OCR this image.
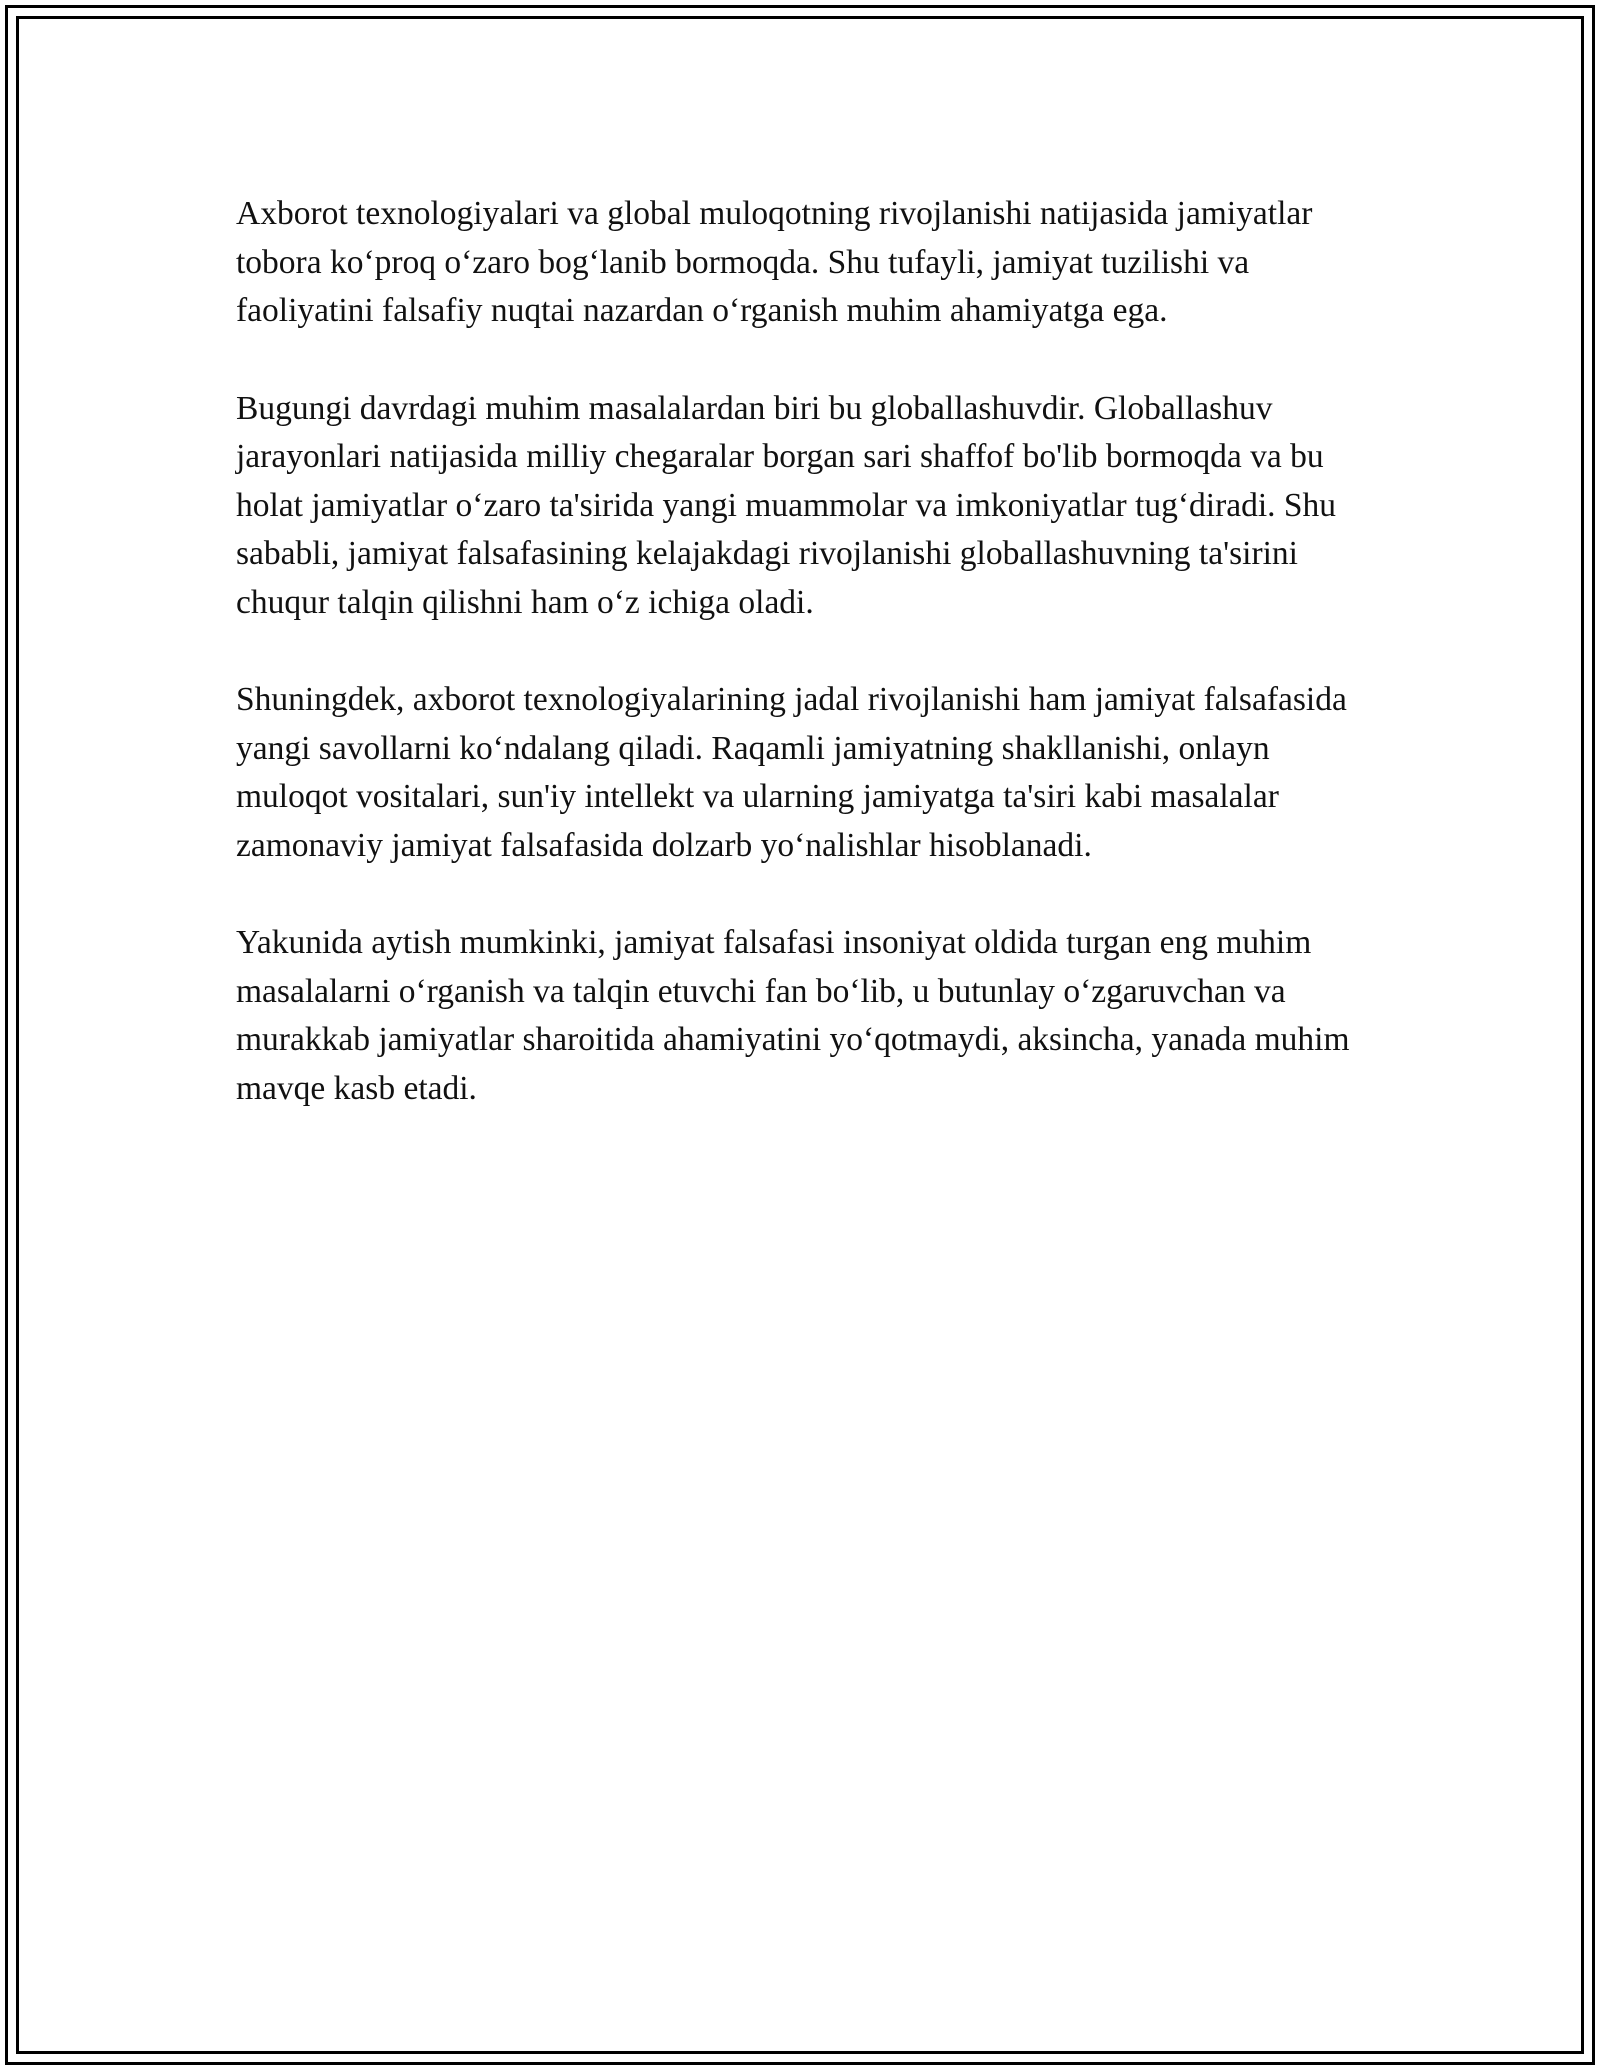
Axborot texnologiyalari va global muloqotning rivojlanishi natijasida jamiyatlar tobora ko‘proq o‘zaro bog‘lanib bormoqda. Shu tufayli, jamiyat tuzilishi va faoliyatini falsafiy nuqtai nazardan o‘rganish muhim ahamiyatga ega.

Bugungi davrdagi muhim masalalardan biri bu globallashuvdir. Globallashuv jarayonlari natijasida milliy chegaralar borgan sari shaffof bo'lib bormoqda va bu holat jamiyatlar o‘zaro ta'sirida yangi muammolar va imkoniyatlar tug‘diradi. Shu sababli, jamiyat falsafasining kelajakdagi rivojlanishi globallashuvning ta'sirini chuqur talqin qilishni ham o‘z ichiga oladi.

Shuningdek, axborot texnologiyalarining jadal rivojlanishi ham jamiyat falsafasida yangi savollarni ko‘ndalang qiladi. Raqamli jamiyatning shakllanishi, onlayn muloqot vositalari, sun'iy intellekt va ularning jamiyatga ta'siri kabi masalalar zamonaviy jamiyat falsafasida dolzarb yo‘nalishlar hisoblanadi.

Yakunida aytish mumkinki, jamiyat falsafasi insoniyat oldida turgan eng muhim masalalarni o‘rganish va talqin etuvchi fan bo‘lib, u butunlay o‘zgaruvchan va murakkab jamiyatlar sharoitida ahamiyatini yo‘qotmaydi, aksincha, yanada muhim mavqe kasb etadi.
